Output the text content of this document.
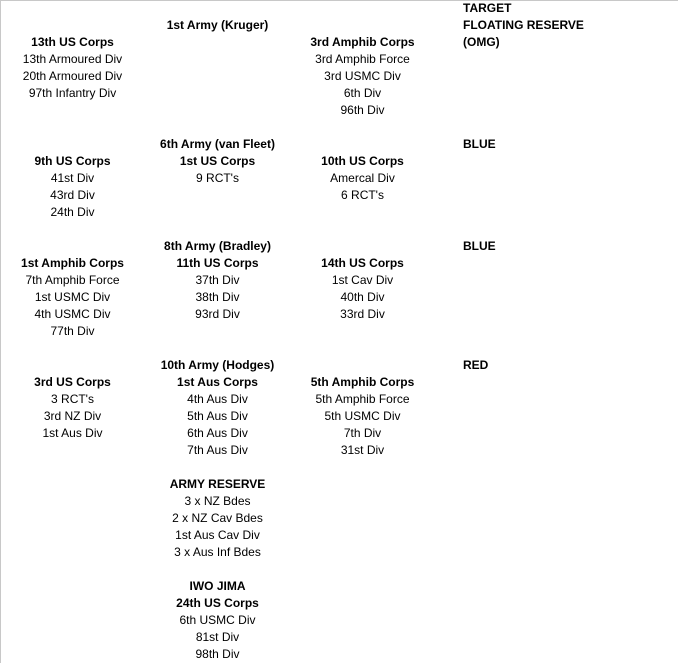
1st Army (Kruger)
13th US Corps
13th Armoured Div
20th Armoured Div
97th Infantry Div
3rd Amphib Corps
3rd Amphib Force
3rd USMC Div
6th Div
96th Div
TARGET
FLOATING RESERVE
(OMG)
6th Army (van Fleet)
1st US Corps
9 RCT's
9th US Corps
41st Div
43rd Div
24th Div
10th US Corps
Amercal Div
6 RCT's
BLUE
8th Army (Bradley)
11th US Corps
37th Div
38th Div
93rd Div
1st Amphib Corps
7th Amphib Force
1st USMC Div
4th USMC Div
77th Div
14th US Corps
1st Cav Div
40th Div
33rd Div
BLUE
10th Army (Hodges)
1st Aus Corps
4th Aus Div
5th Aus Div
6th Aus Div
7th Aus Div
3rd US Corps
3 RCT's
3rd NZ Div
1st Aus Div
5th Amphib Corps
5th Amphib Force
5th USMC Div
7th Div
31st Div
RED
ARMY RESERVE
3 x NZ Bdes
2 x NZ Cav Bdes
1st Aus Cav Div
3 x Aus Inf Bdes
IWO JIMA
24th US Corps
6th USMC Div
81st Div
98th Div
